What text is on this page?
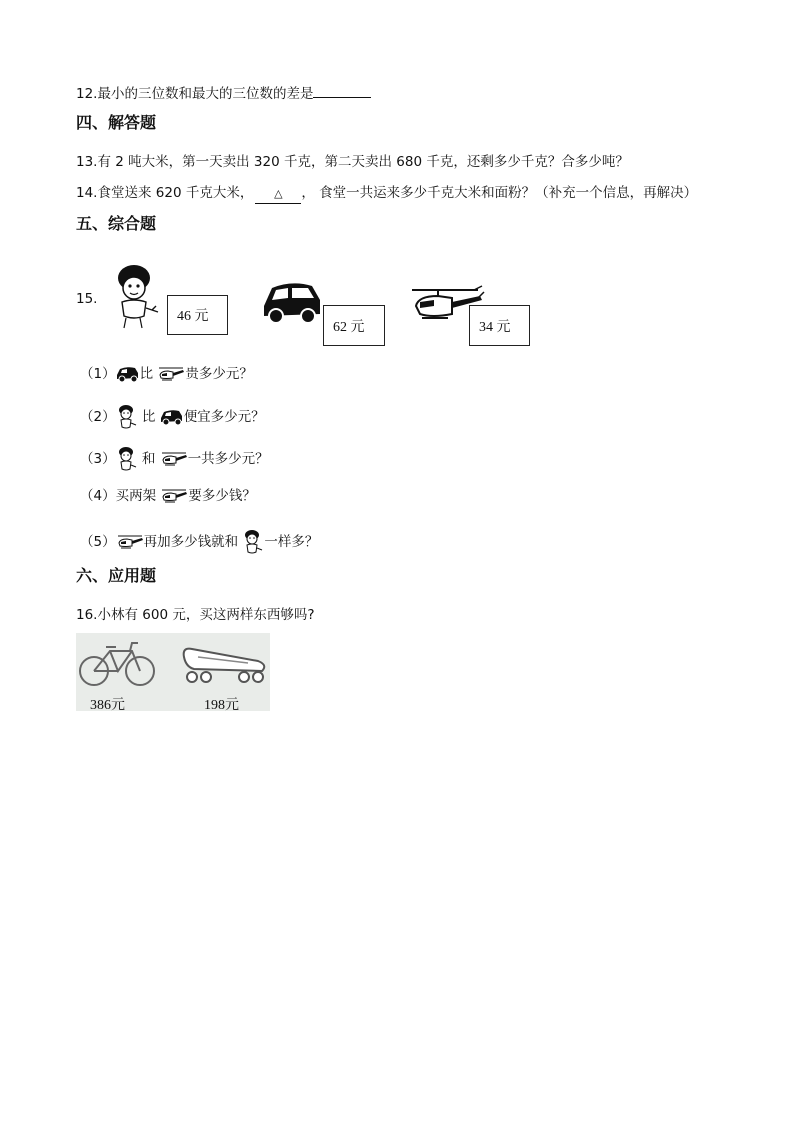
12.最小的三位数和最大的三位数的差是
四、解答题
13.有 2 吨大米，第一天卖出 320 千克，第二天卖出 680 千克，还剩多少千克？合多少吨？
14.食堂送来 620 千克大米， △ ， 食堂一共运来多少千克大米和面粉？（补充一个信息，再解决）
五、综合题
15.
46 元
62 元	34 元
（1） 比 贵多少元？
（2） 比 便宜多少元？
（3） 和 一共多少元？
（4）买两架 要多少钱？
（5） 再加多少钱就和 一样多？
六、应用题
16.小林有 600 元，买这两样东西够吗?
386元	198元
